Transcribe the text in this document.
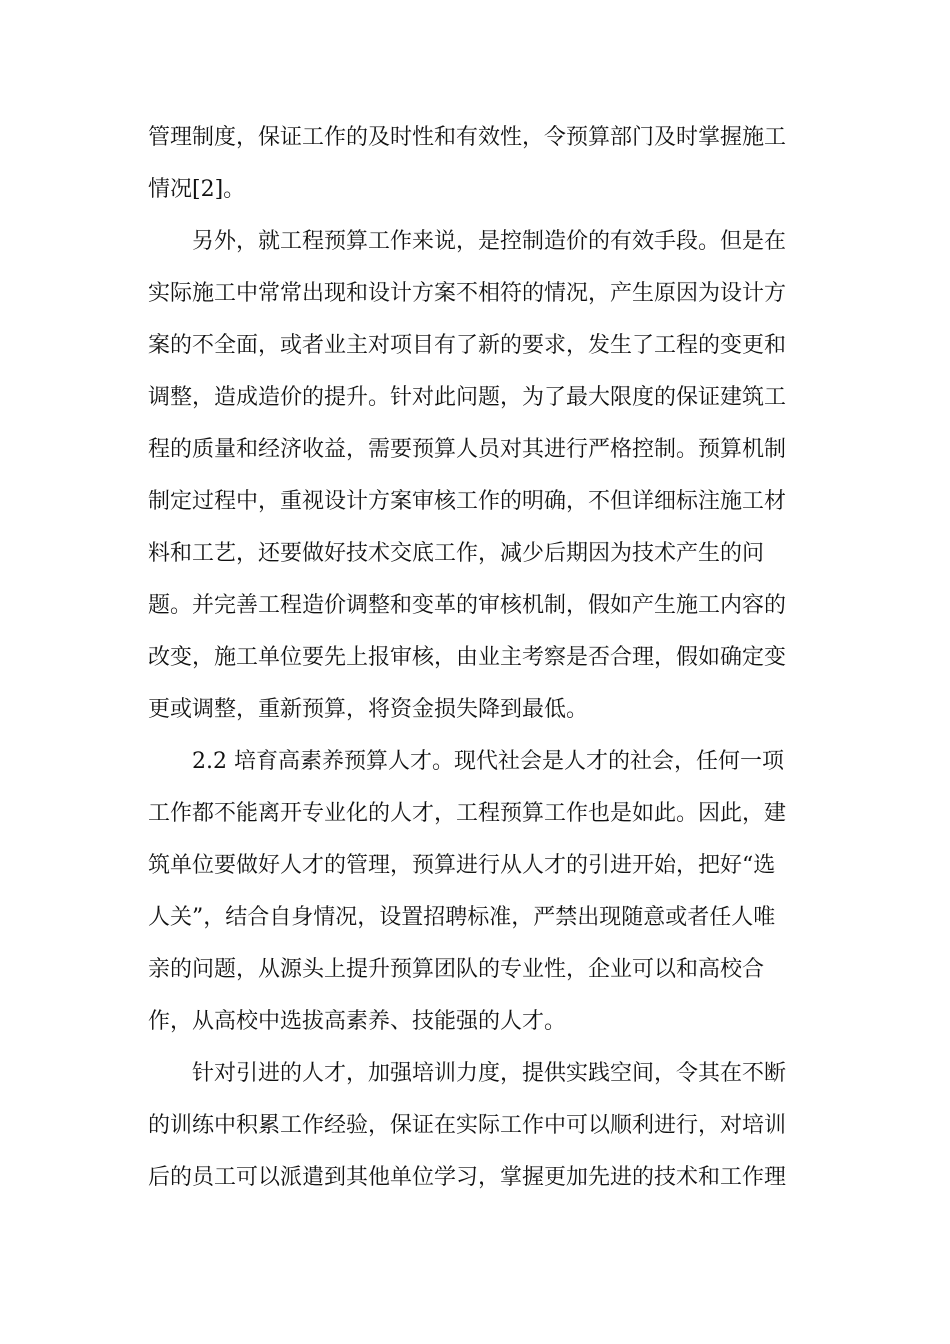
管理制度，保证工作的及时性和有效性，令预算部门及时掌握施工
情况[2]。
另外，就工程预算工作来说，是控制造价的有效手段。但是在
实际施工中常常出现和设计方案不相符的情况，产生原因为设计方
案的不全面，或者业主对项目有了新的要求，发生了工程的变更和
调整，造成造价的提升。针对此问题，为了最大限度的保证建筑工
程的质量和经济收益，需要预算人员对其进行严格控制。预算机制
制定过程中，重视设计方案审核工作的明确，不但详细标注施工材
料和工艺，还要做好技术交底工作，减少后期因为技术产生的问
题。并完善工程造价调整和变革的审核机制，假如产生施工内容的
改变，施工单位要先上报审核，由业主考察是否合理，假如确定变
更或调整，重新预算，将资金损失降到最低。
2.2 培育高素养预算人才。现代社会是人才的社会，任何一项
工作都不能离开专业化的人才，工程预算工作也是如此。因此，建
筑单位要做好人才的管理，预算进行从人才的引进开始，把好“选
人关”，结合自身情况，设置招聘标准，严禁出现随意或者任人唯
亲的问题，从源头上提升预算团队的专业性，企业可以和高校合
作，从高校中选拔高素养、技能强的人才。
针对引进的人才，加强培训力度，提供实践空间，令其在不断
的训练中积累工作经验，保证在实际工作中可以顺利进行，对培训
后的员工可以派遣到其他单位学习，掌握更加先进的技术和工作理
